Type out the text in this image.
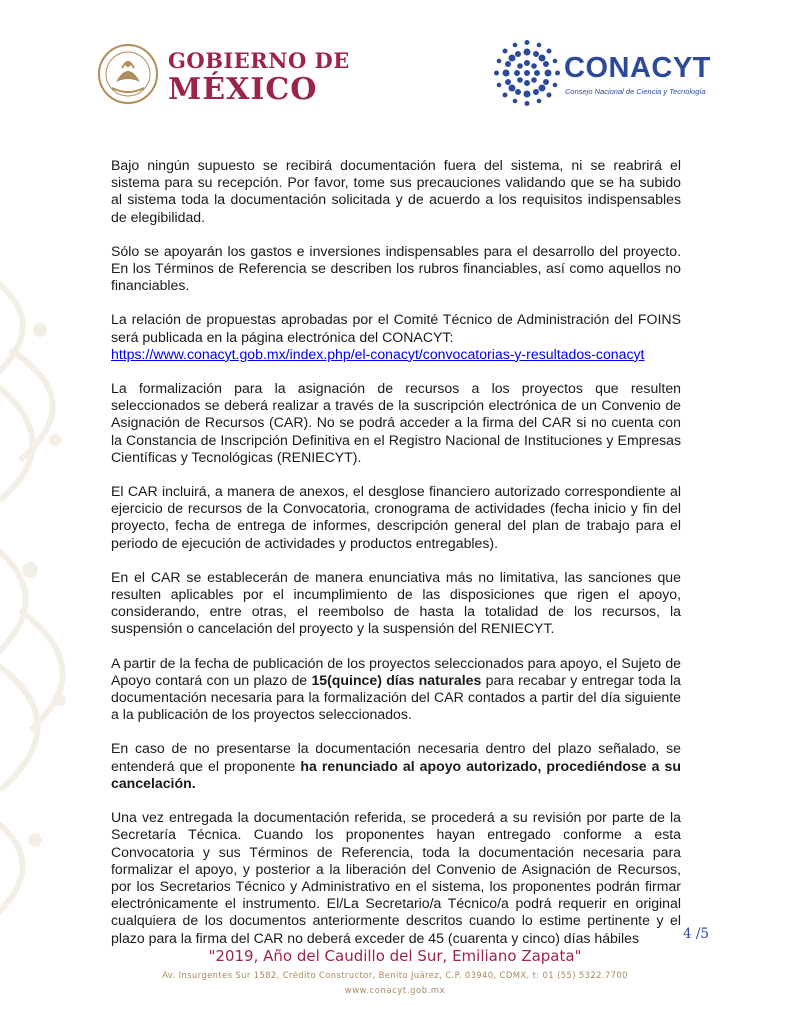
GOBIERNO DE
MÉXICO
CONACYT
Consejo Nacional de Ciencia y Tecnología

Bajo ningún supuesto se recibirá documentación fuera del sistema, ni se reabrirá el sistema para su recepción. Por favor, tome sus precauciones validando que se ha subido al sistema toda la documentación solicitada y de acuerdo a los requisitos indispensables de elegibilidad.

Sólo se apoyarán los gastos e inversiones indispensables para el desarrollo del proyecto. En los Términos de Referencia se describen los rubros financiables, así como aquellos no financiables.

La relación de propuestas aprobadas por el Comité Técnico de Administración del FOINS será publicada en la página electrónica del CONACYT:
https://www.conacyt.gob.mx/index.php/el-conacyt/convocatorias-y-resultados-conacyt

La formalización para la asignación de recursos a los proyectos que resulten seleccionados se deberá realizar a través de la suscripción electrónica de un Convenio de Asignación de Recursos (CAR). No se podrá acceder a la firma del CAR si no cuenta con la Constancia de Inscripción Definitiva en el Registro Nacional de Instituciones y Empresas Científicas y Tecnológicas (RENIECYT).

El CAR incluirá, a manera de anexos, el desglose financiero autorizado correspondiente al ejercicio de recursos de la Convocatoria, cronograma de actividades (fecha inicio y fin del proyecto, fecha de entrega de informes, descripción general del plan de trabajo para el periodo de ejecución de actividades y productos entregables).

En el CAR se establecerán de manera enunciativa más no limitativa, las sanciones que resulten aplicables por el incumplimiento de las disposiciones que rigen el apoyo, considerando, entre otras, el reembolso de hasta la totalidad de los recursos, la suspensión o cancelación del proyecto y la suspensión del RENIECYT.

A partir de la fecha de publicación de los proyectos seleccionados para apoyo, el Sujeto de Apoyo contará con un plazo de 15(quince) días naturales para recabar y entregar toda la documentación necesaria para la formalización del CAR contados a partir del día siguiente a la publicación de los proyectos seleccionados.

En caso de no presentarse la documentación necesaria dentro del plazo señalado, se entenderá que el proponente ha renunciado al apoyo autorizado, procediéndose a su cancelación.

Una vez entregada la documentación referida, se procederá a su revisión por parte de la Secretaría Técnica. Cuando los proponentes hayan entregado conforme a esta Convocatoria y sus Términos de Referencia, toda la documentación necesaria para formalizar el apoyo, y posterior a la liberación del Convenio de Asignación de Recursos, por los Secretarios Técnico y Administrativo en el sistema, los proponentes podrán firmar electrónicamente el instrumento. El/La Secretario/a Técnico/a podrá requerir en original cualquiera de los documentos anteriormente descritos cuando lo estime pertinente y el plazo para la firma del CAR no deberá exceder de 45 (cuarenta y cinco) días hábiles	4 /5
"2019, Año del Caudillo del Sur, Emiliano Zapata"
Av. Insurgentes Sur 1582, Crédito Constructor, Benito Juárez, C.P. 03940, CDMX, t: 01 (55) 5322.7700
www.conacyt.gob.mx
